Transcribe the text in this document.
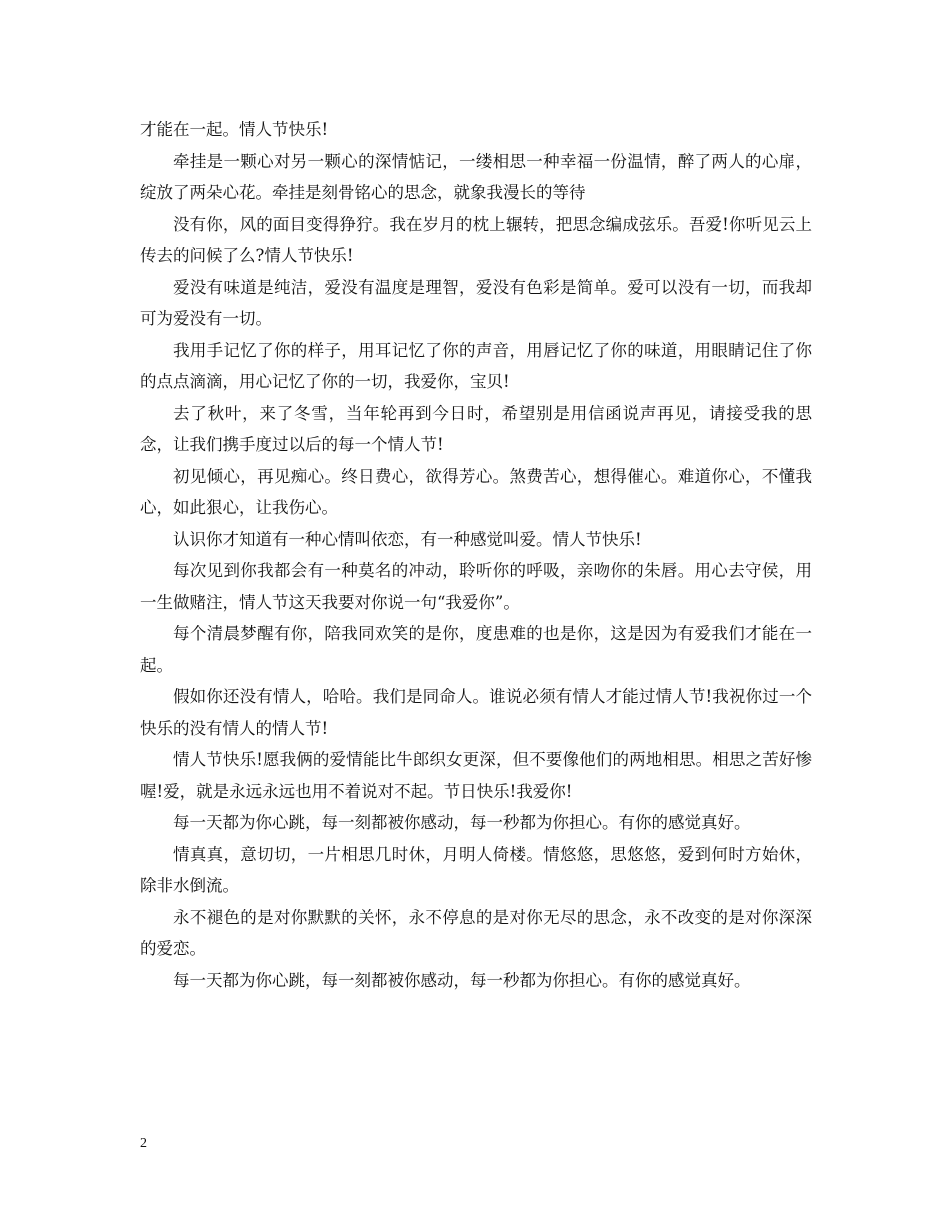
才能在一起。情人节快乐!

牵挂是一颗心对另一颗心的深情惦记，一缕相思一种幸福一份温情，醉了两人的心扉，绽放了两朵心花。牵挂是刻骨铭心的思念，就象我漫长的等待

没有你，风的面目变得狰狞。我在岁月的枕上辗转，把思念编成弦乐。吾爱!你听见云上传去的问候了么?情人节快乐!

爱没有味道是纯洁，爱没有温度是理智，爱没有色彩是简单。爱可以没有一切，而我却可为爱没有一切。

我用手记忆了你的样子，用耳记忆了你的声音，用唇记忆了你的味道，用眼睛记住了你的点点滴滴，用心记忆了你的一切，我爱你，宝贝!

去了秋叶，来了冬雪，当年轮再到今日时，希望别是用信函说声再见，请接受我的思念，让我们携手度过以后的每一个情人节!

初见倾心，再见痴心。终日费心，欲得芳心。煞费苦心，想得催心。难道你心，不懂我心，如此狠心，让我伤心。

认识你才知道有一种心情叫依恋，有一种感觉叫爱。情人节快乐!

每次见到你我都会有一种莫名的冲动，聆听你的呼吸，亲吻你的朱唇。用心去守侯，用一生做赌注，情人节这天我要对你说一句“我爱你”。

每个清晨梦醒有你，陪我同欢笑的是你，度患难的也是你，这是因为有爱我们才能在一起。

假如你还没有情人，哈哈。我们是同命人。谁说必须有情人才能过情人节!我祝你过一个快乐的没有情人的情人节!

情人节快乐!愿我俩的爱情能比牛郎织女更深，但不要像他们的两地相思。相思之苦好惨喔!爱，就是永远永远也用不着说对不起。节日快乐!我爱你!

每一天都为你心跳，每一刻都被你感动，每一秒都为你担心。有你的感觉真好。

情真真，意切切，一片相思几时休，月明人倚楼。情悠悠，思悠悠，爱到何时方始休，除非水倒流。

永不褪色的是对你默默的关怀，永不停息的是对你无尽的思念，永不改变的是对你深深的爱恋。

每一天都为你心跳，每一刻都被你感动，每一秒都为你担心。有你的感觉真好。

2
